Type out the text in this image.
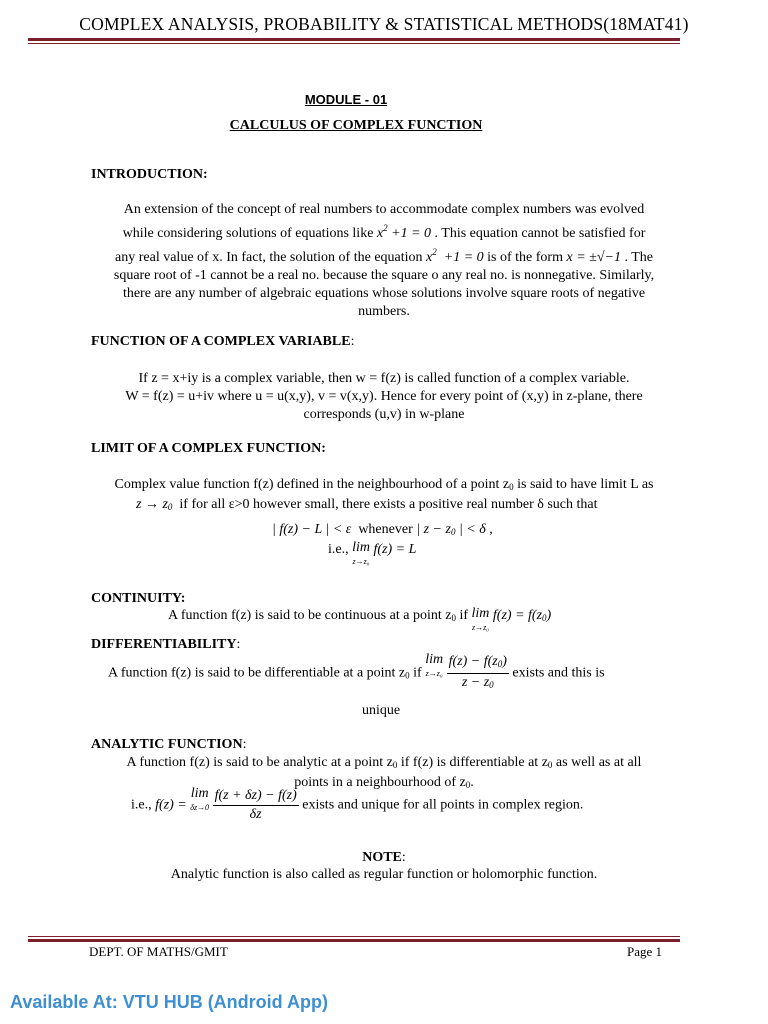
COMPLEX ANALYSIS, PROBABILITY & STATISTICAL METHODS(18MAT41)
MODULE - 01
CALCULUS OF COMPLEX FUNCTION
INTRODUCTION:
An extension of the concept of real numbers to accommodate complex numbers was evolved
while considering solutions of equations like $x^2 +1 = 0$ . This equation cannot be satisfied for
any real value of x. In fact, the solution of the equation $x^2 +1 = 0$ is of the form x = ±√−1 . The
square root of -1 cannot be a real no. because the square o any real no. is nonnegative. Similarly,
there are any number of algebraic equations whose solutions involve square roots of negative
numbers.
FUNCTION OF A COMPLEX VARIABLE:
If z = x+iy is a complex variable, then w = f(z) is called function of a complex variable.
W = f(z) = u+iv where u = u(x,y), v = v(x,y). Hence for every point of (x,y) in z-plane, there
corresponds (u,v) in w-plane
LIMIT OF A COMPLEX FUNCTION:
Complex value function f(z) defined in the neighbourhood of a point $z_0$ is said to have limit L as
$z \to z_0$ if for all ε>0 however small, there exists a positive real number δ such that
| f(z) − L | < ε whenever | $z - z_0$ | < δ ,
i.e., lim
z→z₀
f(z) = L
CONTINUITY:
A function f(z) is said to be continuous at a point $z_0$ if lim
z→z₀
$f(z) = f(z_0)$
DIFFERENTIABILITY:
A function f(z) is said to be differentiable at a point $z_0$ if lim
z→z₀
$\frac{f(z) - f(z_0)}{z - z_0}$ exists and this is
unique
ANALYTIC FUNCTION:
A function f(z) is said to be analytic at a point $z_0$ if f(z) is differentiable at $z_0$ as well as at all
points in a neighbourhood of $z_0$.
i.e., f(z) = lim
δz→0
$\frac{f(z + \delta z) - f(z)}{\delta z}$ exists and unique for all points in complex region.
NOTE:
Analytic function is also called as regular function or holomorphic function.
DEPT. OF MATHS/GMIT	Page 1
Available At: VTU HUB (Android App)
